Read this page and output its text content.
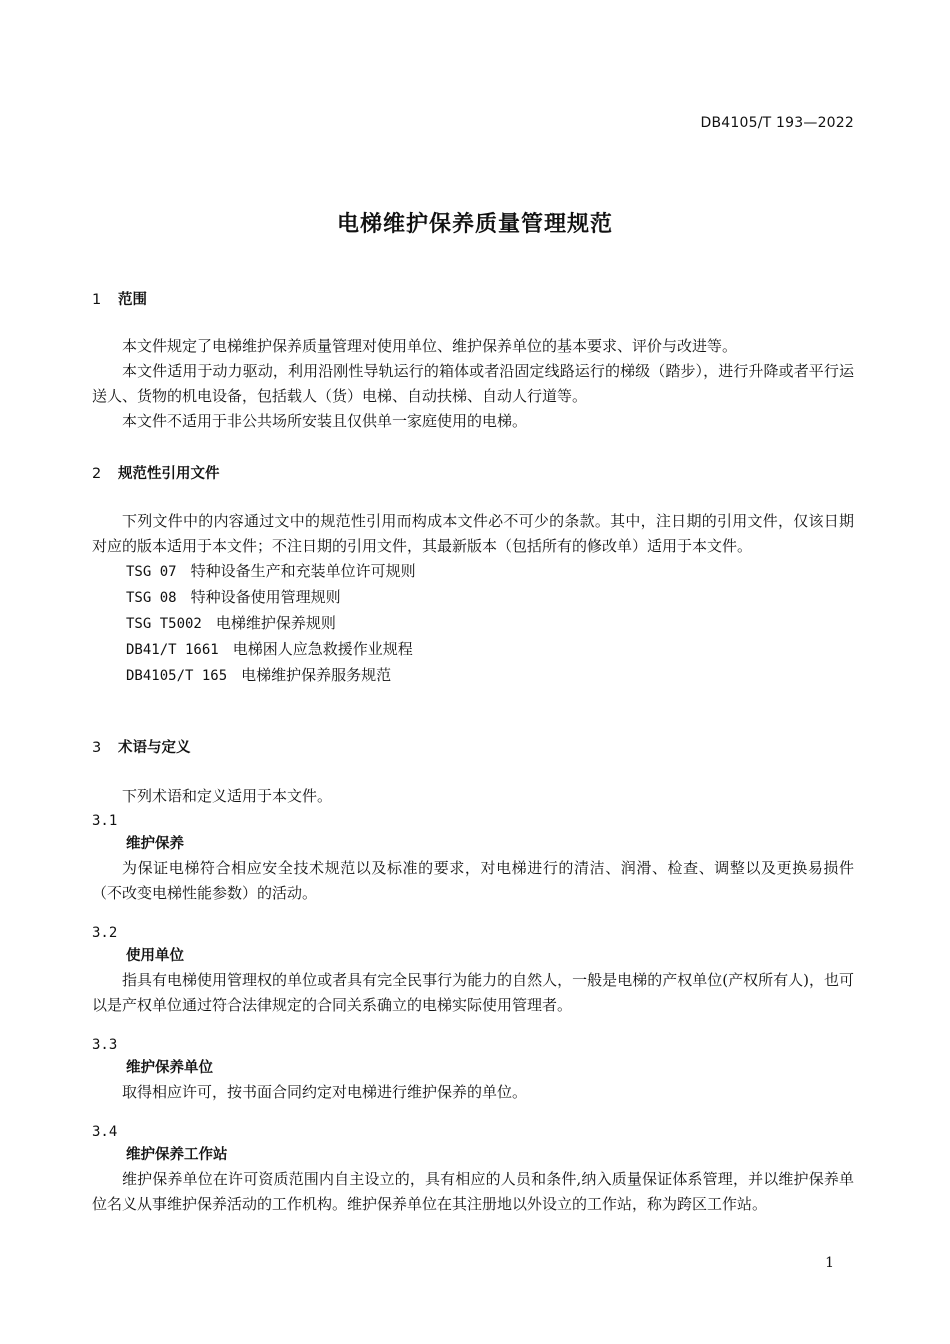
DB4105/T 193—2022
电梯维护保养质量管理规范
1 范围

本文件规定了电梯维护保养质量管理对使用单位、维护保养单位的基本要求、评价与改进等。

本文件适用于动力驱动，利用沿刚性导轨运行的箱体或者沿固定线路运行的梯级（踏步），进行升降或者平行运送人、货物的机电设备，包括载人（货）电梯、自动扶梯、自动人行道等。

本文件不适用于非公共场所安装且仅供单一家庭使用的电梯。

2 规范性引用文件

下列文件中的内容通过文中的规范性引用而构成本文件必不可少的条款。其中，注日期的引用文件，仅该日期对应的版本适用于本文件；不注日期的引用文件，其最新版本（包括所有的修改单）适用于本文件。

TSG 07 特种设备生产和充装单位许可规则
TSG 08 特种设备使用管理规则
TSG T5002 电梯维护保养规则
DB41/T 1661 电梯困人应急救援作业规程
DB4105/T 165 电梯维护保养服务规范
3 术语与定义

下列术语和定义适用于本文件。

3.1
维护保养

为保证电梯符合相应安全技术规范以及标准的要求，对电梯进行的清洁、润滑、检查、调整以及更换易损件（不改变电梯性能参数）的活动。

3.2
使用单位

指具有电梯使用管理权的单位或者具有完全民事行为能力的自然人，一般是电梯的产权单位(产权所有人)，也可以是产权单位通过符合法律规定的合同关系确立的电梯实际使用管理者。

3.3
维护保养单位

取得相应许可，按书面合同约定对电梯进行维护保养的单位。

3.4
维护保养工作站

维护保养单位在许可资质范围内自主设立的，具有相应的人员和条件,纳入质量保证体系管理，并以维护保养单位名义从事维护保养活动的工作机构。维护保养单位在其注册地以外设立的工作站，称为跨区工作站。

1
